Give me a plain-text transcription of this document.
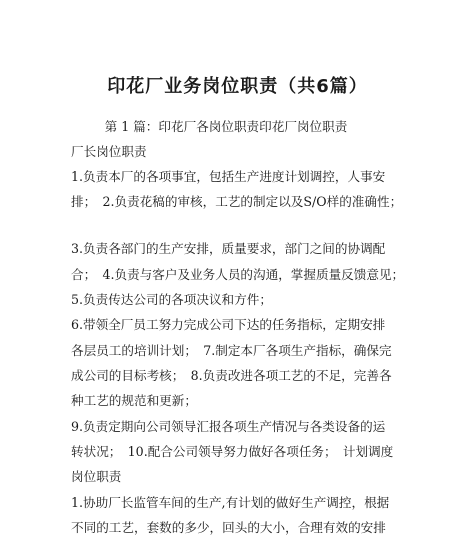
印花厂业务岗位职责（共6篇）
　第 1 篇：印花厂各岗位职责印花厂岗位职责
厂长岗位职责
1.负责本厂的各项事宜，包括生产进度计划调控，人事安
排；　2.负责花稿的审核，工艺的制定以及S/O样的准确性；
3.负责各部门的生产安排，质量要求，部门之间的协调配
合；　4.负责与客户及业务人员的沟通，掌握质量反馈意见；
5.负责传达公司的各项决议和方件；
6.带领全厂员工努力完成公司下达的任务指标，定期安排
各层员工的培训计划；　7.制定本厂各项生产指标，确保完
成公司的目标考核；　8.负责改进各项工艺的不足，完善各
种工艺的规范和更新；
9.负责定期向公司领导汇报各项生产情况与各类设备的运
转状况；　10.配合公司领导努力做好各项任务；　计划调度
岗位职责
1.协助厂长监管车间的生产,有计划的做好生产调控，根据
不同的工艺，套数的多少，回头的大小，合理有效的安排
